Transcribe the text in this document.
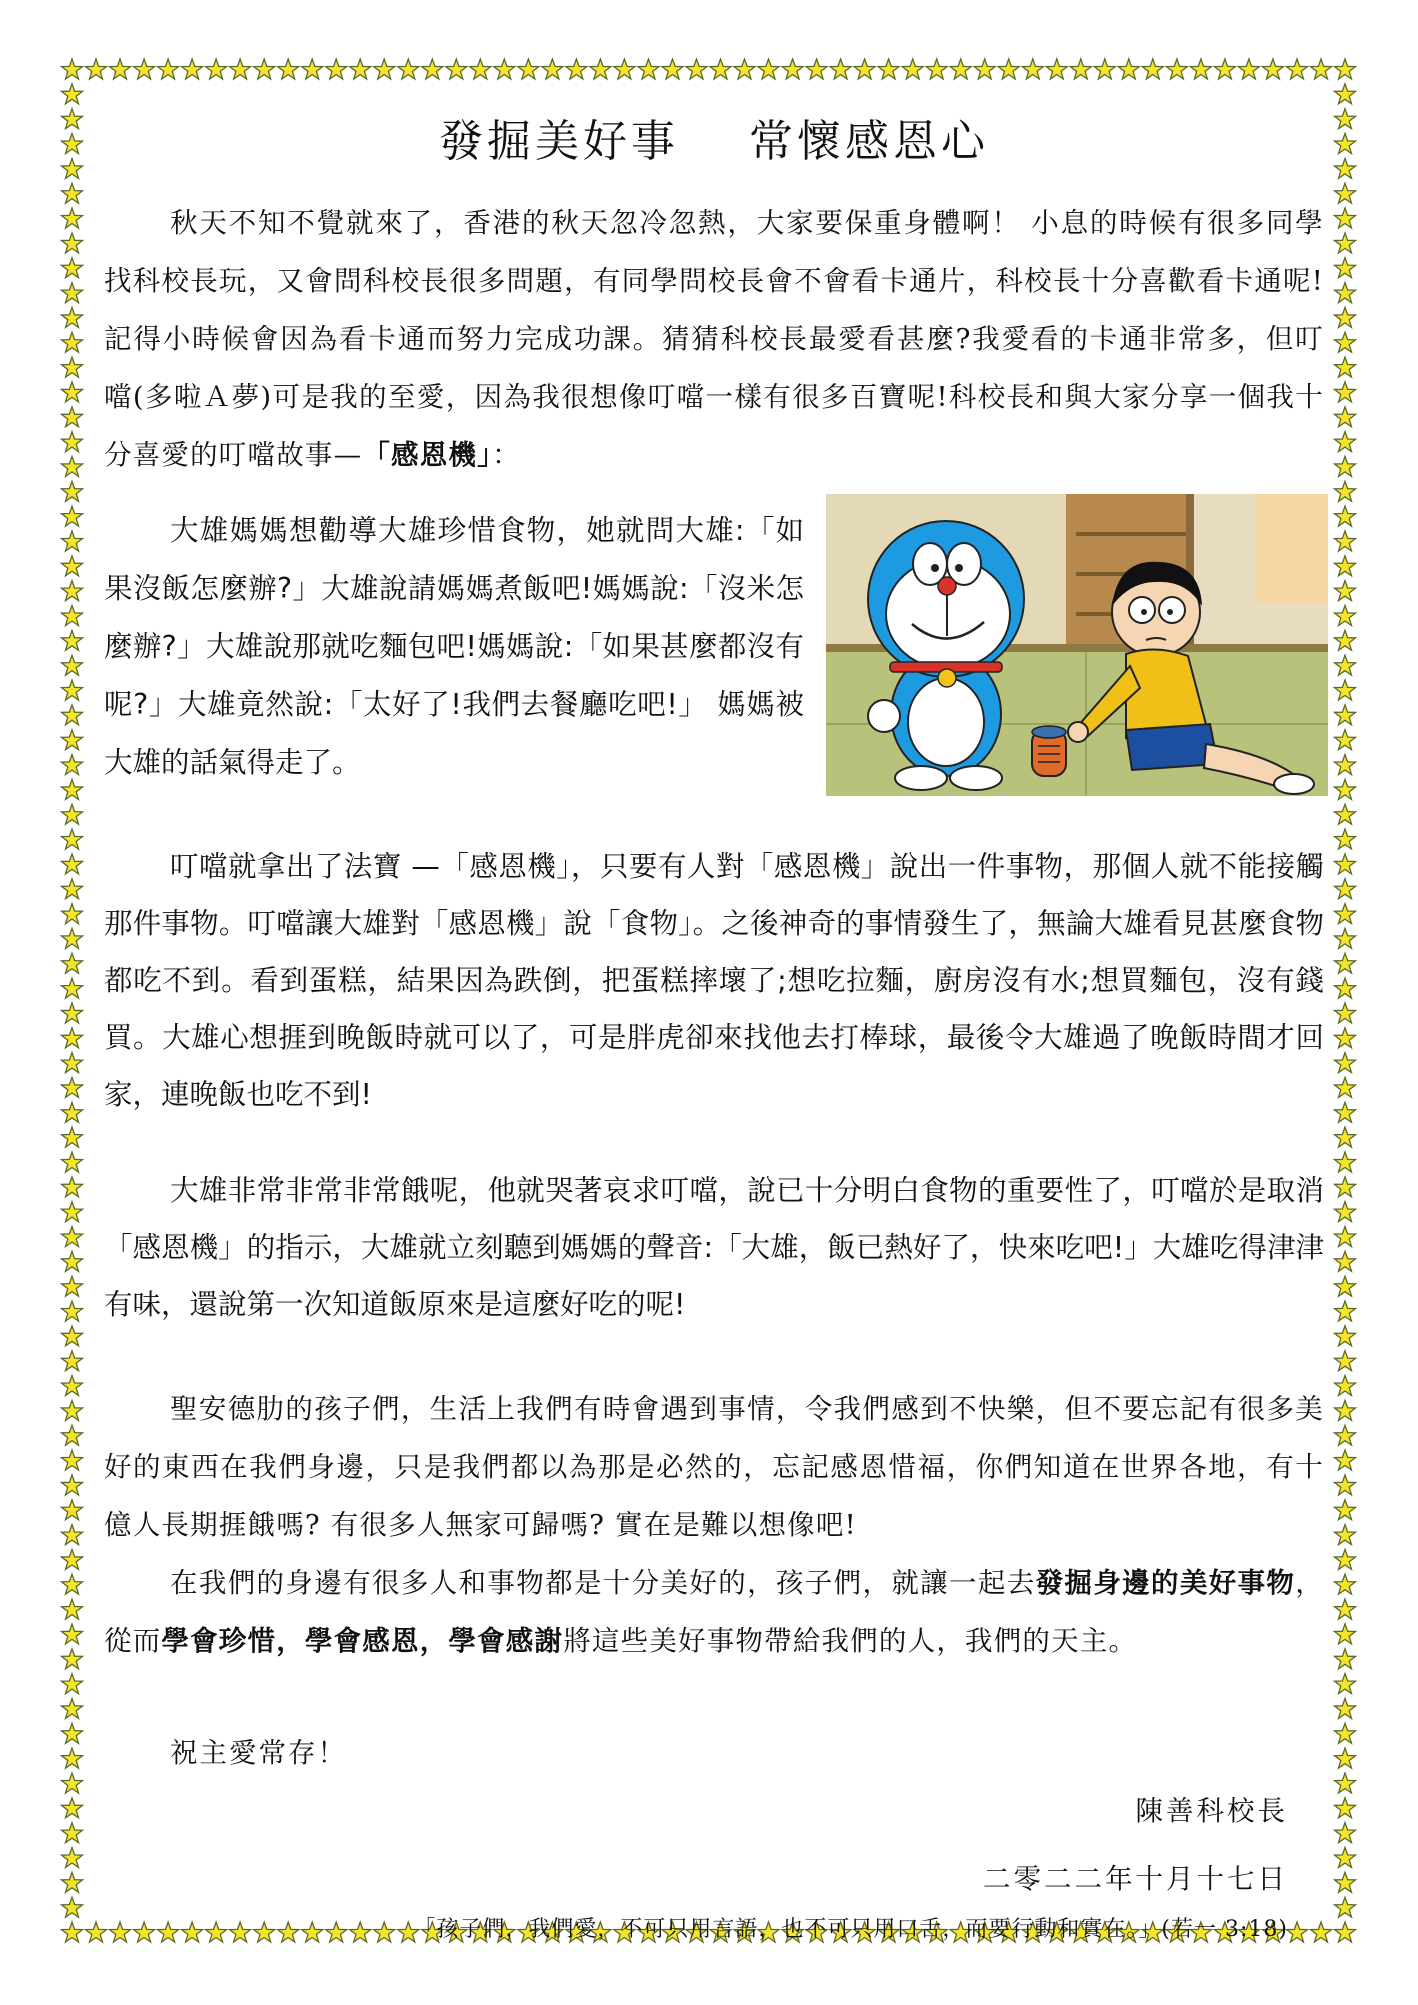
發掘美好事 常懷感恩心
秋天不知不覺就來了，香港的秋天忽冷忽熱，大家要保重身體啊！ 小息的時候有很多同學找科校長玩，又會問科校長很多問題，有同學問校長會不會看卡通片，科校長十分喜歡看卡通呢!記得小時候會因為看卡通而努力完成功課。猜猜科校長最愛看甚麼?我愛看的卡通非常多，但叮噹(多啦Ａ夢)可是我的至愛，因為我很想像叮噹一樣有很多百寶呢!科校長和與大家分享一個我十分喜愛的叮噹故事—「感恩機」：
大雄媽媽想勸導大雄珍惜食物，她就問大雄:「如果沒飯怎麼辦?」大雄說請媽媽煮飯吧!媽媽說:「沒米怎麼辦?」大雄說那就吃麵包吧!媽媽說:「如果甚麼都沒有呢?」大雄竟然說:「太好了!我們去餐廳吃吧!」 媽媽被大雄的話氣得走了。
叮噹就拿出了法寶 —「感恩機」，只要有人對「感恩機」說出一件事物，那個人就不能接觸那件事物。叮噹讓大雄對「感恩機」說「食物」。之後神奇的事情發生了，無論大雄看見甚麼食物都吃不到。看到蛋糕，結果因為跌倒，把蛋糕摔壞了;想吃拉麵，廚房沒有水;想買麵包，沒有錢買。大雄心想捱到晚飯時就可以了，可是胖虎卻來找他去打棒球，最後令大雄過了晚飯時間才回家，連晚飯也吃不到!
大雄非常非常非常餓呢，他就哭著哀求叮噹，說已十分明白食物的重要性了，叮噹於是取消「感恩機」的指示，大雄就立刻聽到媽媽的聲音:「大雄，飯已熱好了，快來吃吧!」大雄吃得津津有味，還說第一次知道飯原來是這麼好吃的呢!
聖安德肋的孩子們，生活上我們有時會遇到事情，令我們感到不快樂，但不要忘記有很多美好的東西在我們身邊，只是我們都以為那是必然的，忘記感恩惜福，你們知道在世界各地，有十億人長期捱餓嗎? 有很多人無家可歸嗎? 實在是難以想像吧!
在我們的身邊有很多人和事物都是十分美好的，孩子們，就讓一起去發掘身邊的美好事物，從而學會珍惜，學會感恩，學會感謝將這些美好事物帶給我們的人，我們的天主。
祝主愛常存！
陳善科校長
二零二二年十月十七日
「孩子們，我們愛，不可只用言語，也不可只用口舌，而要行動和實在。」(若一 3:18)
